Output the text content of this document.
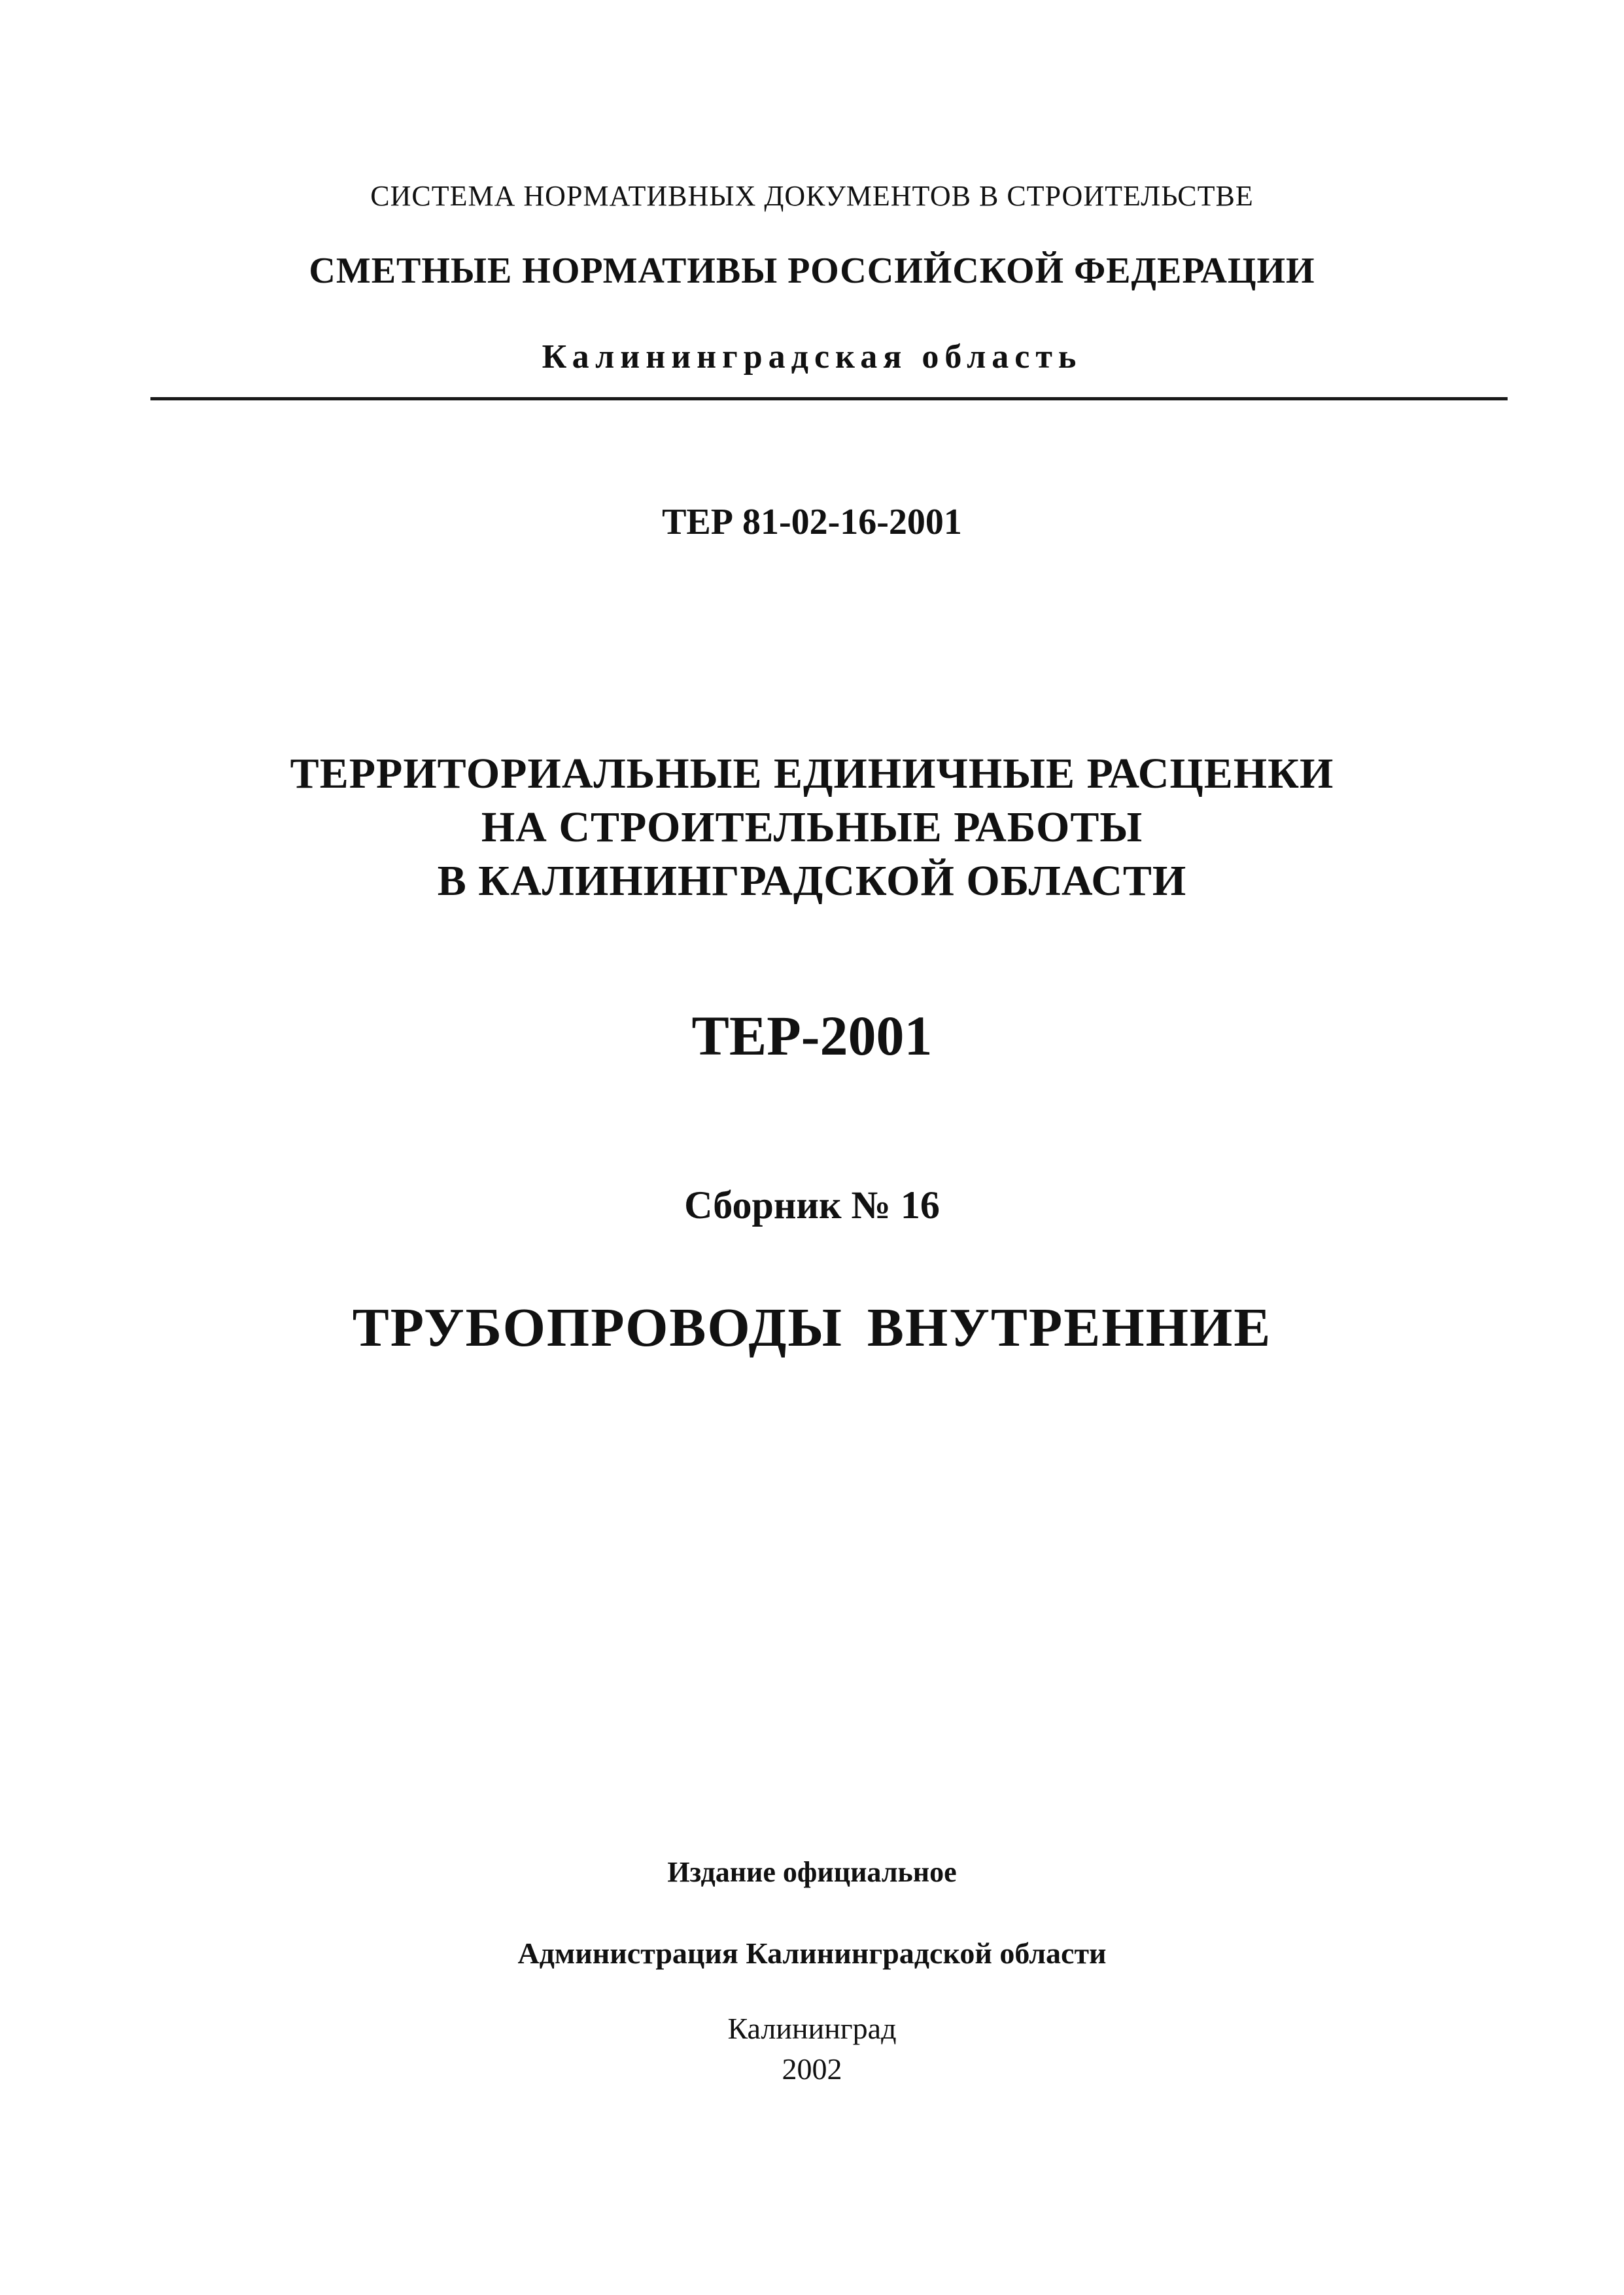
СИСТЕМА НОРМАТИВНЫХ ДОКУМЕНТОВ В СТРОИТЕЛЬСТВЕ
СМЕТНЫЕ НОРМАТИВЫ РОССИЙСКОЙ ФЕДЕРАЦИИ
Калининградская область
ТЕР 81-02-16-2001
ТЕРРИТОРИАЛЬНЫЕ ЕДИНИЧНЫЕ РАСЦЕНКИ
НА СТРОИТЕЛЬНЫЕ РАБОТЫ
В КАЛИНИНГРАДСКОЙ ОБЛАСТИ
ТЕР-2001
Сборник № 16
ТРУБОПРОВОДЫ ВНУТРЕННИЕ
Издание официальное
Администрация Калининградской области
Калининград
2002
